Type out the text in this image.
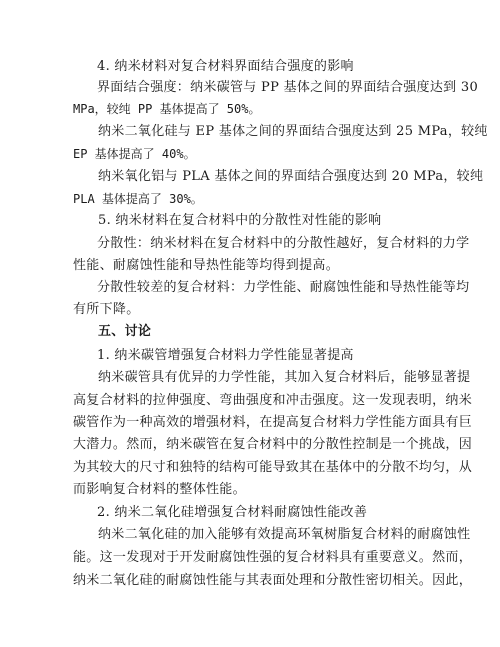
4. 纳米材料对复合材料界面结合强度的影响
界面结合强度：纳米碳管与 PP 基体之间的界面结合强度达到 30
MPa，较纯 PP 基体提高了 50%。
纳米二氧化硅与 EP 基体之间的界面结合强度达到 25 MPa，较纯
EP 基体提高了 40%。
纳米氧化铝与 PLA 基体之间的界面结合强度达到 20 MPa，较纯
PLA 基体提高了 30%。
5. 纳米材料在复合材料中的分散性对性能的影响
分散性：纳米材料在复合材料中的分散性越好，复合材料的力学
性能、耐腐蚀性能和导热性能等均得到提高。
分散性较差的复合材料：力学性能、耐腐蚀性能和导热性能等均
有所下降。
五、讨论
1. 纳米碳管增强复合材料力学性能显著提高
纳米碳管具有优异的力学性能，其加入复合材料后，能够显著提
高复合材料的拉伸强度、弯曲强度和冲击强度。这一发现表明，纳米
碳管作为一种高效的增强材料，在提高复合材料力学性能方面具有巨
大潜力。然而，纳米碳管在复合材料中的分散性控制是一个挑战，因
为其较大的尺寸和独特的结构可能导致其在基体中的分散不均匀，从
而影响复合材料的整体性能。
2. 纳米二氧化硅增强复合材料耐腐蚀性能改善
纳米二氧化硅的加入能够有效提高环氧树脂复合材料的耐腐蚀性
能。这一发现对于开发耐腐蚀性强的复合材料具有重要意义。然而，
纳米二氧化硅的耐腐蚀性能与其表面处理和分散性密切相关。因此，
